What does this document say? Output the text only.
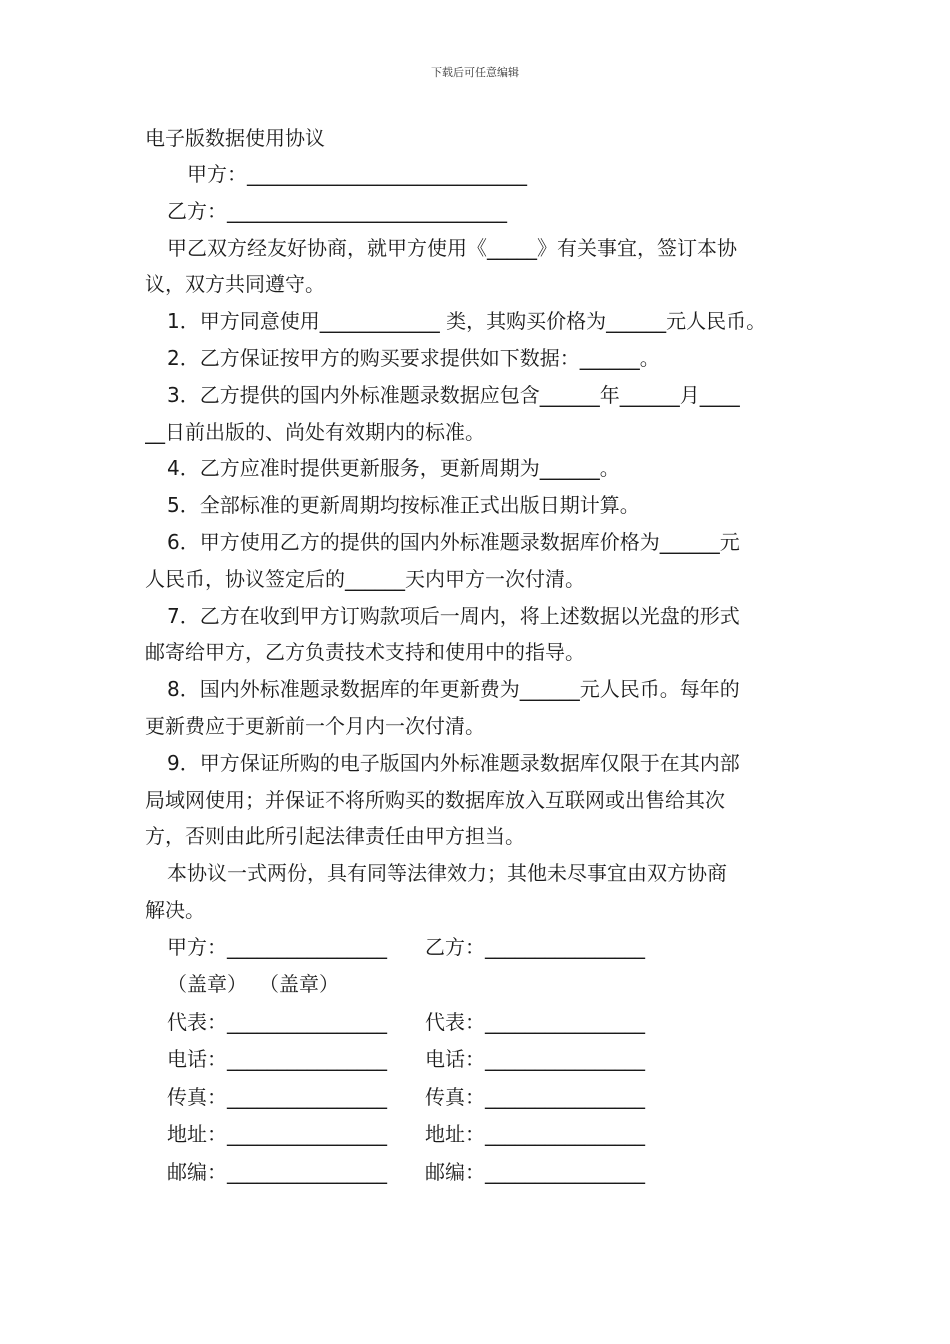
下载后可任意编辑
电子版数据使用协议
　甲方：____________________________
乙方：____________________________
甲乙双方经友好协商，就甲方使用《_____》有关事宜，签订本协
议，双方共同遵守。
1．甲方同意使用____________ 类，其购买价格为______元人民币。
2．乙方保证按甲方的购买要求提供如下数据：______。
3．乙方提供的国内外标准题录数据应包含______年______月____
__日前出版的、尚处有效期内的标准。
4．乙方应准时提供更新服务，更新周期为______。
5．全部标准的更新周期均按标准正式出版日期计算。
6．甲方使用乙方的提供的国内外标准题录数据库价格为______元
人民币，协议签定后的______天内甲方一次付清。
7．乙方在收到甲方订购款项后一周内，将上述数据以光盘的形式
邮寄给甲方，乙方负责技术支持和使用中的指导。
8．国内外标准题录数据库的年更新费为______元人民币。每年的
更新费应于更新前一个月内一次付清。
9．甲方保证所购的电子版国内外标准题录数据库仅限于在其内部
局域网使用；并保证不将所购买的数据库放入互联网或出售给其次
方，否则由此所引起法律责任由甲方担当。
本协议一式两份，具有同等法律效力；其他未尽事宜由双方协商
解决。
甲方：________________ 乙方：________________
（盖章） （盖章）
代表：________________ 代表：________________
电话：________________ 电话：________________
传真：________________ 传真：________________
地址：________________ 地址：________________
邮编：________________ 邮编：________________
